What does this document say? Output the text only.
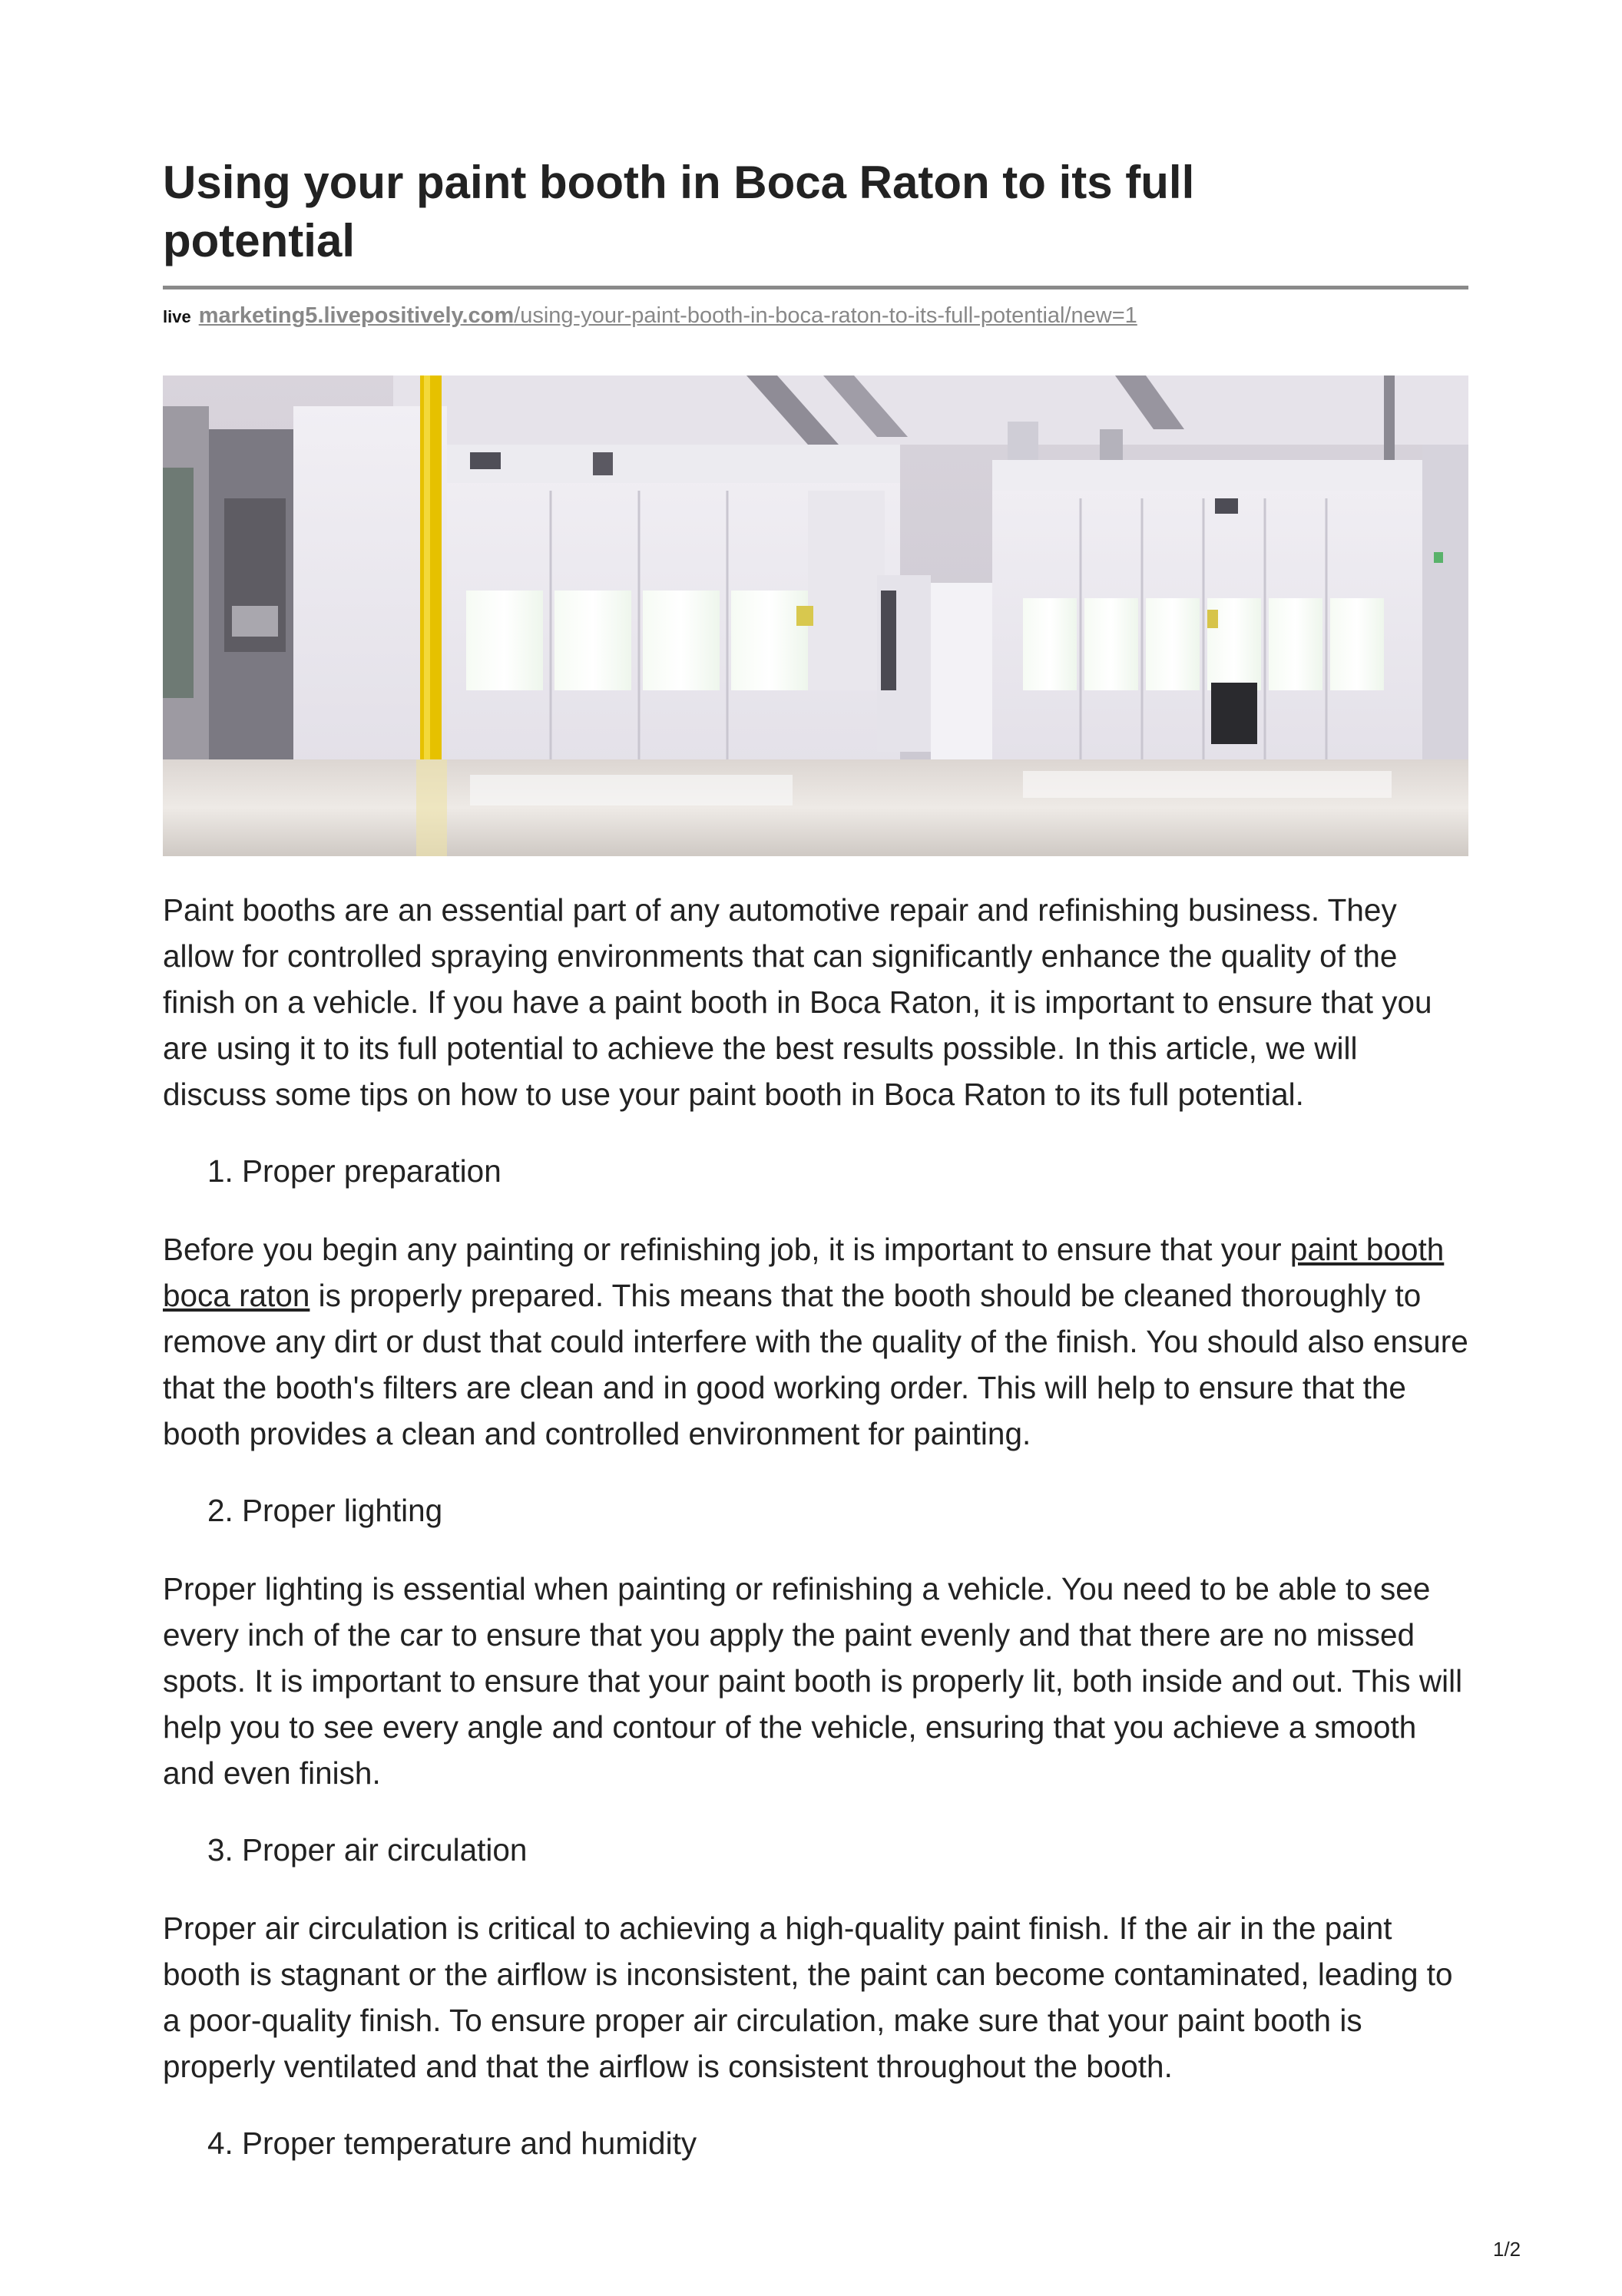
Using your paint booth in Boca Raton to its full potential
live marketing5.livepositively.com/using-your-paint-booth-in-boca-raton-to-its-full-potential/new=1

Paint booths are an essential part of any automotive repair and refinishing business. They allow for controlled spraying environments that can significantly enhance the quality of the finish on a vehicle. If you have a paint booth in Boca Raton, it is important to ensure that you are using it to its full potential to achieve the best results possible. In this article, we will discuss some tips on how to use your paint booth in Boca Raton to its full potential.

1. Proper preparation

Before you begin any painting or refinishing job, it is important to ensure that your paint booth boca raton is properly prepared. This means that the booth should be cleaned thoroughly to remove any dirt or dust that could interfere with the quality of the finish. You should also ensure that the booth's filters are clean and in good working order. This will help to ensure that the booth provides a clean and controlled environment for painting.

2. Proper lighting

Proper lighting is essential when painting or refinishing a vehicle. You need to be able to see every inch of the car to ensure that you apply the paint evenly and that there are no missed spots. It is important to ensure that your paint booth is properly lit, both inside and out. This will help you to see every angle and contour of the vehicle, ensuring that you achieve a smooth and even finish.

3. Proper air circulation

Proper air circulation is critical to achieving a high-quality paint finish. If the air in the paint booth is stagnant or the airflow is inconsistent, the paint can become contaminated, leading to a poor-quality finish. To ensure proper air circulation, make sure that your paint booth is properly ventilated and that the airflow is consistent throughout the booth.

4. Proper temperature and humidity

1/2
